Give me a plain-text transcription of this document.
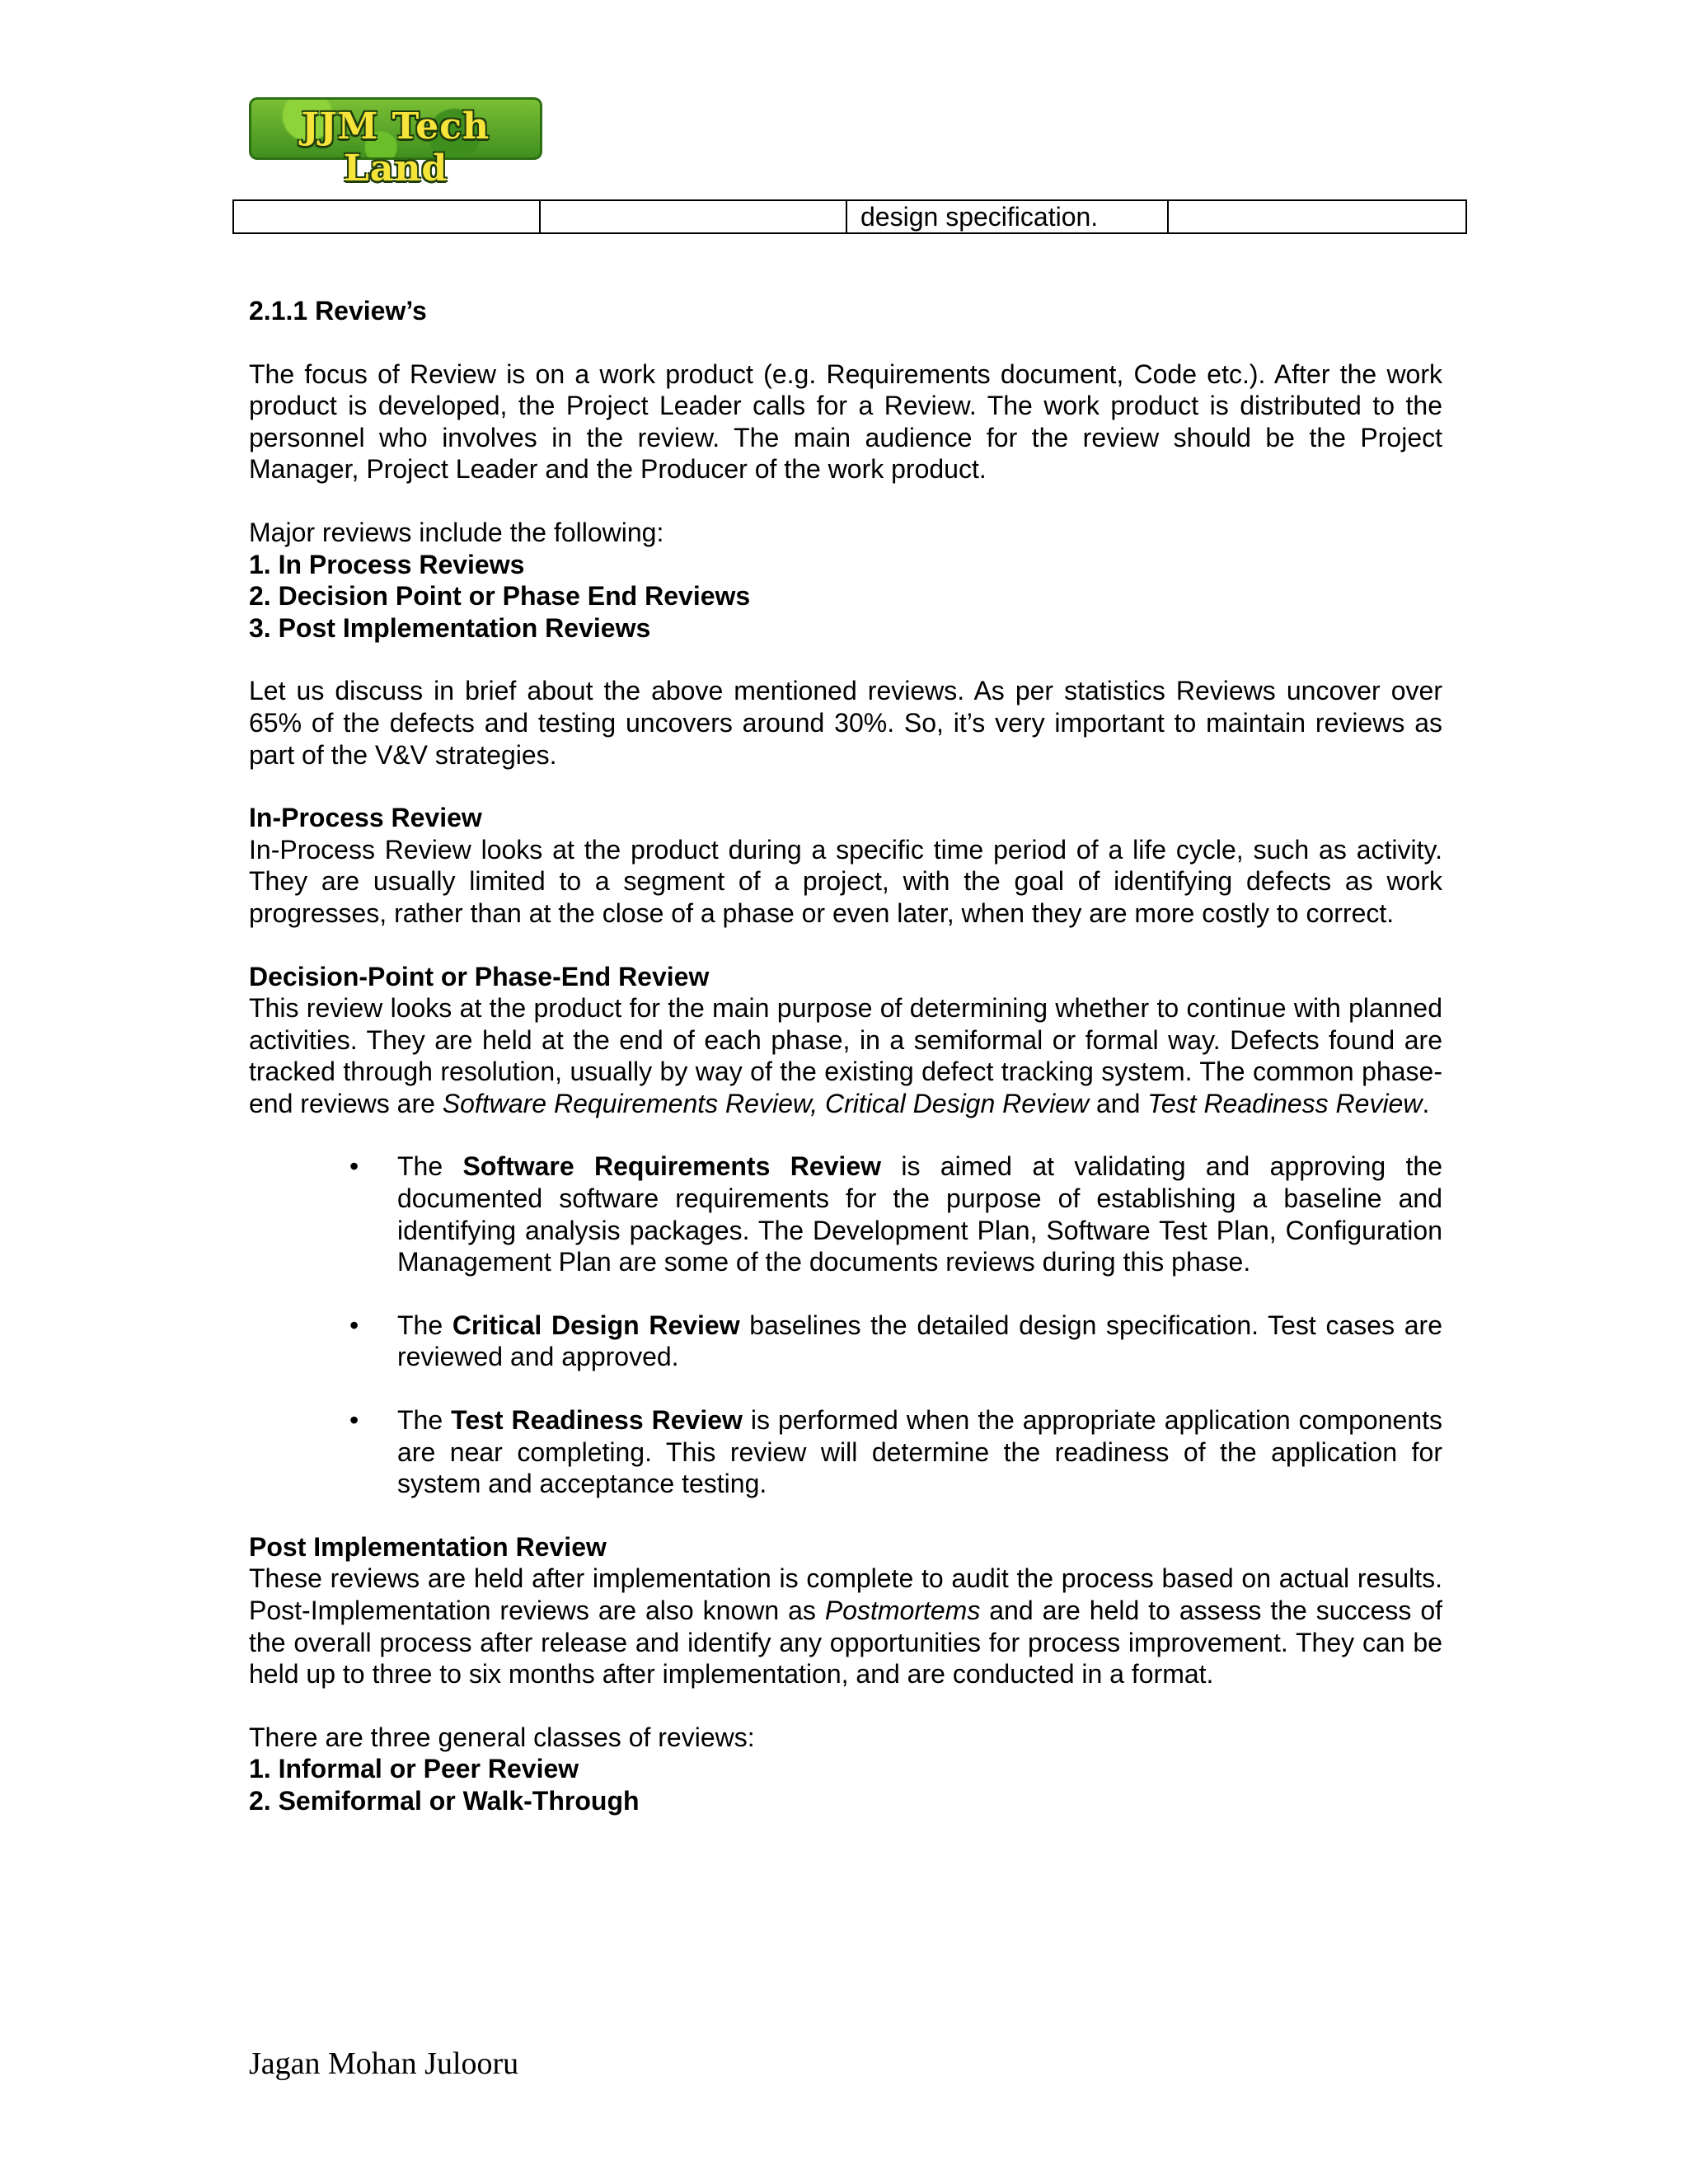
JJM Tech Land
		design specification.	

2.1.1 Review’s

The focus of Review is on a work product (e.g. Requirements document, Code etc.). After the work product is developed, the Project Leader calls for a Review. The work product is distributed to the personnel who involves in the review. The main audience for the review should be the Project Manager, Project Leader and the Producer of the work product.

Major reviews include the following:

1. In Process Reviews

2. Decision Point or Phase End Reviews

3. Post Implementation Reviews

Let us discuss in brief about the above mentioned reviews. As per statistics Reviews uncover over 65% of the defects and testing uncovers around 30%. So, it’s very important to maintain reviews as part of the V&V strategies.

In-Process Review

In-Process Review looks at the product during a specific time period of a life cycle, such as activity. They are usually limited to a segment of a project, with the goal of identifying defects as work progresses, rather than at the close of a phase or even later, when they are more costly to correct.

Decision-Point or Phase-End Review

This review looks at the product for the main purpose of determining whether to continue with planned activities. They are held at the end of each phase, in a semiformal or formal way. Defects found are tracked through resolution, usually by way of the existing defect tracking system. The common phase-end reviews are Software Requirements Review, Critical Design Review and Test Readiness Review.

• The Software Requirements Review is aimed at validating and approving the documented software requirements for the purpose of establishing a baseline and identifying analysis packages. The Development Plan, Software Test Plan, Configuration Management Plan are some of the documents reviews during this phase.
• The Critical Design Review baselines the detailed design specification. Test cases are reviewed and approved.
• The Test Readiness Review is performed when the appropriate application components are near completing. This review will determine the readiness of the application for system and acceptance testing.

Post Implementation Review

These reviews are held after implementation is complete to audit the process based on actual results. Post-Implementation reviews are also known as Postmortems and are held to assess the success of the overall process after release and identify any opportunities for process improvement. They can be held up to three to six months after implementation, and are conducted in a format.

There are three general classes of reviews:

1. Informal or Peer Review

2. Semiformal or Walk-Through

Jagan Mohan Julooru
